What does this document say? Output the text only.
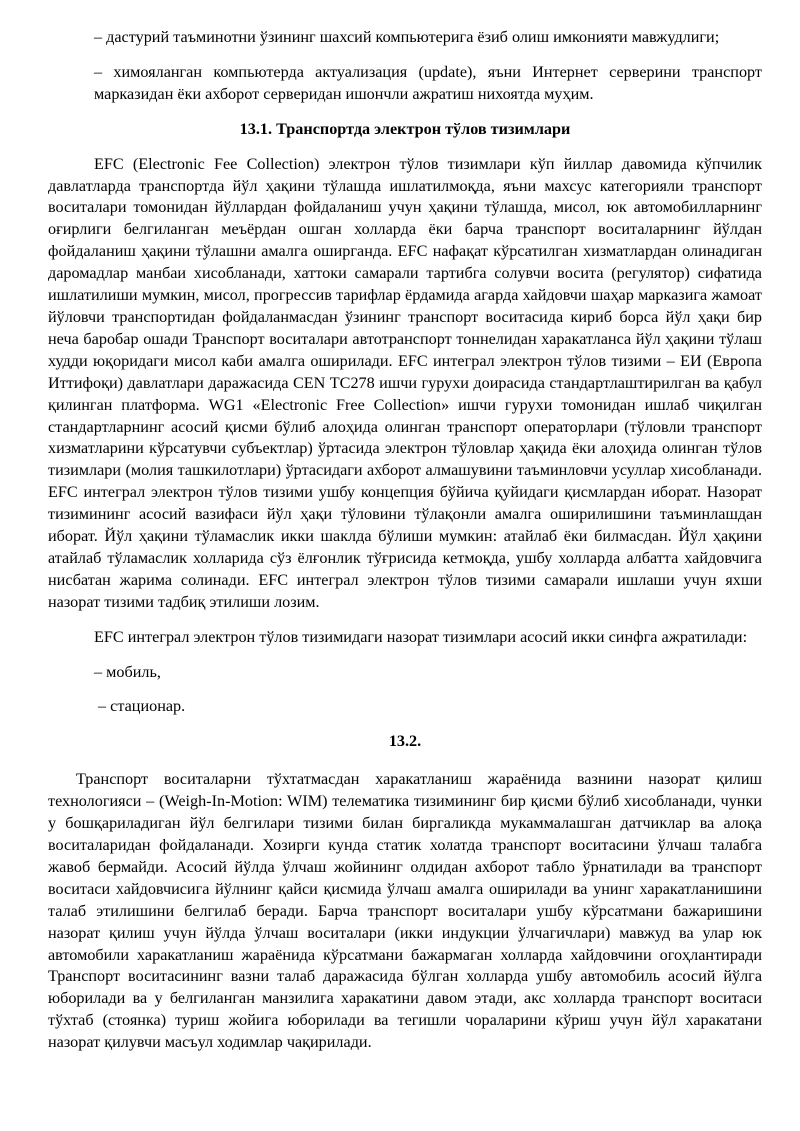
– дастурий таъминотни ўзининг шахсий компьютерига ёзиб олиш имконияти мавжудлиги;

– химояланган компьютерда актуализация (update), яъни Интернет серверини транспорт марказидан ёки ахборот серверидан ишончли ажратиш нихоятда муҳим.

13.1. Транспортда электрон тўлов тизимлари

EFC (Electronic Fee Collection) электрон тўлов тизимлари кўп йиллар давомида кўпчилик давлатларда транспортда йўл ҳақини тўлашда ишлатилмоқда, яъни махсус категорияли транспорт воситалари томонидан йўллардан фойдаланиш учун ҳақини тўлашда, мисол, юк автомобилларнинг оғирлиги белгиланган меъёрдан ошган холларда ёки барча транспорт воситаларнинг йўлдан фойдаланиш ҳақини тўлашни амалга оширганда. EFC нафақат кўрсатилган хизматлардан олинадиган даромадлар манбаи хисобланади, хаттоки самарали тартибга солувчи восита (регулятор) сифатида ишлатилиши мумкин, мисол, прогрессив тарифлар ёрдамида агарда хайдовчи шаҳар марказига жамоат йўловчи транспортидан фойдаланмасдан ўзининг транспорт воситасида кириб борса йўл ҳақи бир неча баробар ошади Транспорт воситалари автотранспорт тоннелидан харакатланса йўл ҳақини тўлаш худди юқоридаги мисол каби амалга оширилади. EFC интеграл электрон тўлов тизими – ЕИ (Европа Иттифоқи) давлатлари даражасида CEN ТС278 ишчи гурухи доирасида стандартлаштирилган ва қабул қилинган платформа. WG1 «Electronic Free Collection» ишчи гурухи томонидан ишлаб чиқилган стандартларнинг асосий қисми бўлиб алоҳида олинган транспорт операторлари (тўловли транспорт хизматларини кўрсатувчи субъектлар) ўртасида электрон тўловлар ҳақида ёки алоҳида олинган тўлов тизимлари (молия ташкилотлари) ўртасидаги ахборот алмашувини таъминловчи усуллар хисобланади. EFC интеграл электрон тўлов тизими ушбу концепция бўйича қуйидаги қисмлардан иборат. Назорат тизимининг асосий вазифаси йўл ҳақи тўловини тўлақонли амалга оширилишини таъминлашдан иборат. Йўл ҳақини тўламаслик икки шаклда бўлиши мумкин: атайлаб ёки билмасдан. Йўл ҳақини атайлаб тўламаслик холларида сўз ёлғонлик тўғрисида кетмоқда, ушбу холларда албатта хайдовчига нисбатан жарима солинади. EFC интеграл электрон тўлов тизими самарали ишлаши учун яхши назорат тизими тадбиқ этилиши лозим.

EFC интеграл электрон тўлов тизимидаги назорат тизимлари асосий икки синфга ажратилади:

– мобиль,

– стационар.

13.2.

Транспорт воситаларни тўхтатмасдан харакатланиш жараёнида вазнини назорат қилиш технологияси – (Weigh-In-Motion: WIM) телематика тизимининг бир қисми бўлиб хисобланади, чунки у бошқариладиган йўл белгилари тизими билан биргаликда мукаммалашган датчиклар ва алоқа воситаларидан фойдаланади. Хозирги кунда статик холатда транспорт воситасини ўлчаш талабга жавоб бермайди. Асосий йўлда ўлчаш жойининг олдидан ахборот табло ўрнатилади ва транспорт воситаси хайдовчисига йўлнинг қайси қисмида ўлчаш амалга оширилади ва унинг харакатланишини талаб этилишини белгилаб беради. Барча транспорт воситалари ушбу кўрсатмани бажаришини назорат қилиш учун йўлда ўлчаш воситалари (икки индукции ўлчагичлари) мавжуд ва улар юк автомобили харакатланиш жараёнида кўрсатмани бажармаган холларда хайдовчини огоҳлантиради Транспорт воситасининг вазни талаб даражасида бўлган холларда ушбу автомобиль асосий йўлга юборилади ва у белгиланган манзилига харакатини давом этади, акс холларда транспорт воситаси тўхтаб (стоянка) туриш жойига юборилади ва тегишли чораларини кўриш учун йўл харакатани назорат қилувчи масъул ходимлар чақирилади.
